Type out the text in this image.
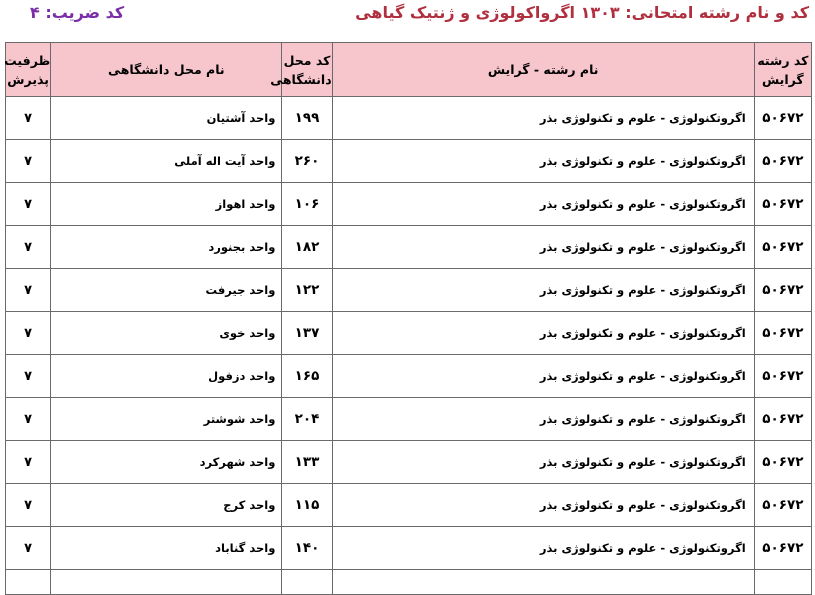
کد و نام رشته امتحانی: ۱۳۰۳ اگرواکولوژی و ژنتیک گیاهی
کد ضریب: ۴
کد رشته گرایش	نام رشته - گرایش	کد محل دانشگاهی	نام محل دانشگاهی	ظرفیت پذیرش
۵۰۶۷۲	اگروتکنولوژی - علوم و تکنولوژی بذر	۱۹۹	واحد آشتیان	۷
۵۰۶۷۲	اگروتکنولوژی - علوم و تکنولوژی بذر	۲۶۰	واحد آیت اله آملی	۷
۵۰۶۷۲	اگروتکنولوژی - علوم و تکنولوژی بذر	۱۰۶	واحد اهواز	۷
۵۰۶۷۲	اگروتکنولوژی - علوم و تکنولوژی بذر	۱۸۲	واحد بجنورد	۷
۵۰۶۷۲	اگروتکنولوژی - علوم و تکنولوژی بذر	۱۲۲	واحد جیرفت	۷
۵۰۶۷۲	اگروتکنولوژی - علوم و تکنولوژی بذر	۱۳۷	واحد خوی	۷
۵۰۶۷۲	اگروتکنولوژی - علوم و تکنولوژی بذر	۱۶۵	واحد دزفول	۷
۵۰۶۷۲	اگروتکنولوژی - علوم و تکنولوژی بذر	۲۰۴	واحد شوشتر	۷
۵۰۶۷۲	اگروتکنولوژی - علوم و تکنولوژی بذر	۱۳۳	واحد شهرکرد	۷
۵۰۶۷۲	اگروتکنولوژی - علوم و تکنولوژی بذر	۱۱۵	واحد کرج	۷
۵۰۶۷۲	اگروتکنولوژی - علوم و تکنولوژی بذر	۱۴۰	واحد گناباد	۷
